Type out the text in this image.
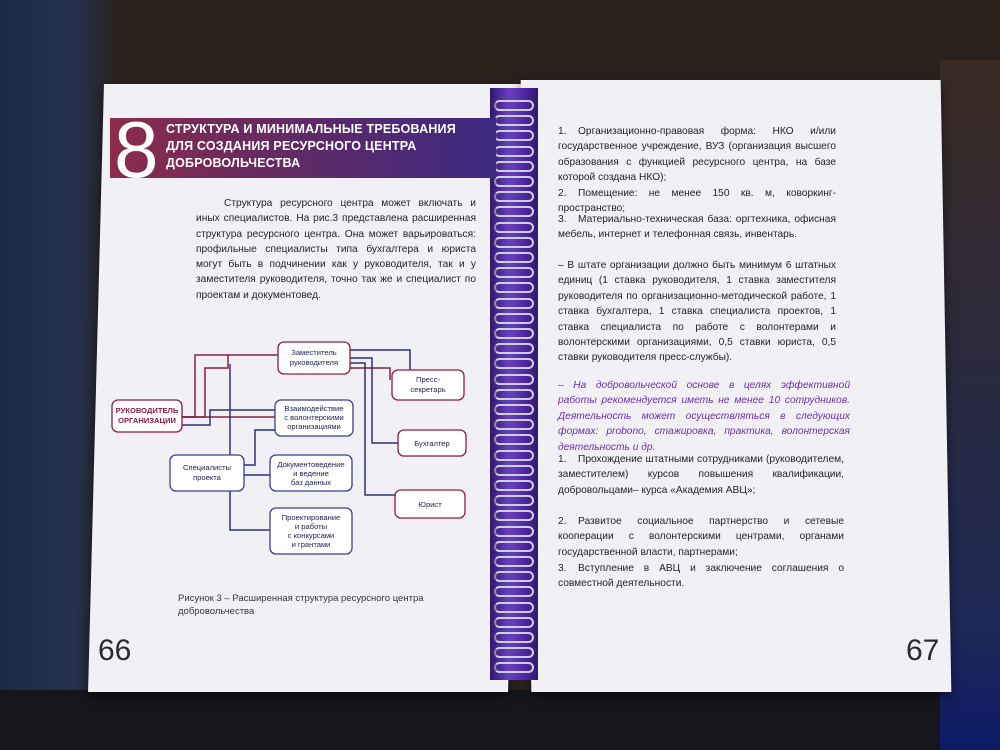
8 СТРУКТУРА И МИНИМАЛЬНЫЕ ТРЕБОВАНИЯ
ДЛЯ СОЗДАНИЯ РЕСУРСНОГО ЦЕНТРА
ДОБРОВОЛЬЧЕСТВА
Структура ресурсного центра может включать и иных специалистов. На рис.3 представлена расширенная структура ресурсного центра. Она может варьироваться: профильные специалисты типа бухгалтера и юриста могут быть в подчинении как у руководителя, так и у заместителя руководителя, точно так же и специалист по проектам и документовед.
Заместитель
руководителя
РУКОВОДИТЕЛЬ
ОРГАНИЗАЦИИ
Пресс-
секретарь
Взаимодействие
с волонтерскими
организациями
Бухгалтер
Специалисты
проекта
Документоведение
и ведение
баз данных
Юрист
Проектирование
и работы
с конкурсами
и грантами
Рисунок 3 – Расширенная структура ресурсного центра
добровольчества
66
1. Организационно-правовая форма: НКО и/или государственное учреждение, ВУЗ (организация высшего образования с функцией ресурсного центра, на базе которой создана НКО);
2. Помещение: не менее 150 кв. м, коворкинг-пространство;
3. Материально-техническая база: оргтехника, офисная мебель, интернет и телефонная связь, инвентарь.
– В штате организации должно быть минимум 6 штатных единиц (1 ставка руководителя, 1 ставка заместителя руководителя по организационно-методической работе, 1 ставка бухгалтера, 1 ставка специалиста проектов, 1 ставка специалиста по работе с волонтерами и волонтерскими организациями, 0,5 ставки юриста, 0,5 ставки руководителя пресс-службы).
– На добровольческой основе в целях эффективной работы рекомендуется иметь не менее 10 сотрудников. Деятельность может осуществляться в следующих формах: probono, стажировка, практика, волонтерская деятельность и др.
1. Прохождение штатными сотрудниками (руководителем, заместителем) курсов повышения квалификации, добровольцами– курса «Академия АВЦ»;
2. Развитое социальное партнерство и сетевые кооперации с волонтерскими центрами, органами государственной власти, партнерами;
3. Вступление в АВЦ и заключение соглашения о совместной деятельности.
67
